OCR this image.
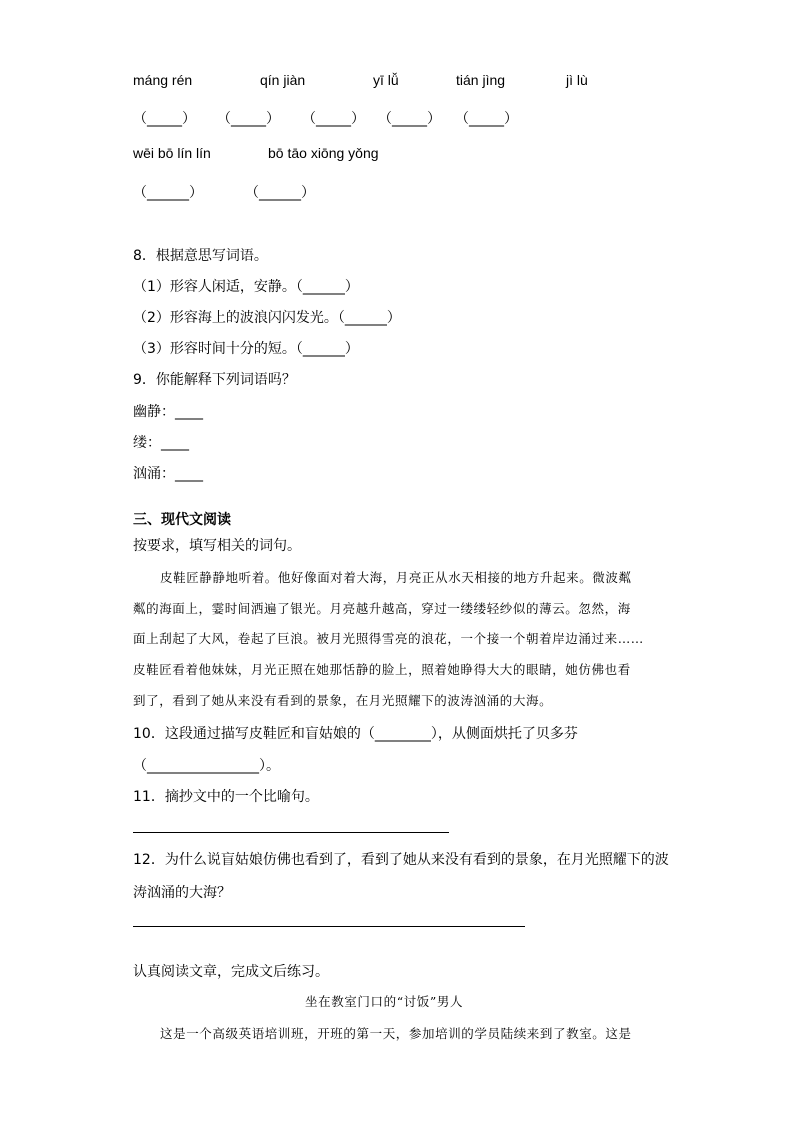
máng rén	qín jiàn	yī lǚ	tián jìng	jì lù
（_____） （_____） （_____） （_____） （_____）
wēi bō lín lín	bō tāo xiōng yǒng
（______）	（______）
8．根据意思写词语。
（1）形容人闲适，安静。（______）
（2）形容海上的波浪闪闪发光。（______）
（3）形容时间十分的短。（______）
9．你能解释下列词语吗？
幽静：____
缕：____
汹涌：____
三、现代文阅读
按要求，填写相关的词句。
皮鞋匠静静地听着。他好像面对着大海，月亮正从水天相接的地方升起来。微波粼
粼的海面上，霎时间洒遍了银光。月亮越升越高，穿过一缕缕轻纱似的薄云。忽然，海
面上刮起了大风，卷起了巨浪。被月光照得雪亮的浪花，一个接一个朝着岸边涌过来……
皮鞋匠看着他妹妹，月光正照在她那恬静的脸上，照着她睁得大大的眼睛，她仿佛也看
到了，看到了她从来没有看到的景象，在月光照耀下的波涛汹涌的大海。
10．这段通过描写皮鞋匠和盲姑娘的（________），从侧面烘托了贝多芬
（________________）。
11．摘抄文中的一个比喻句。
12．为什么说盲姑娘仿佛也看到了，看到了她从来没有看到的景象，在月光照耀下的波
涛汹涌的大海？
认真阅读文章，完成文后练习。
坐在教室门口的“讨饭”男人
这是一个高级英语培训班，开班的第一天，参加培训的学员陆续来到了教室。这是
